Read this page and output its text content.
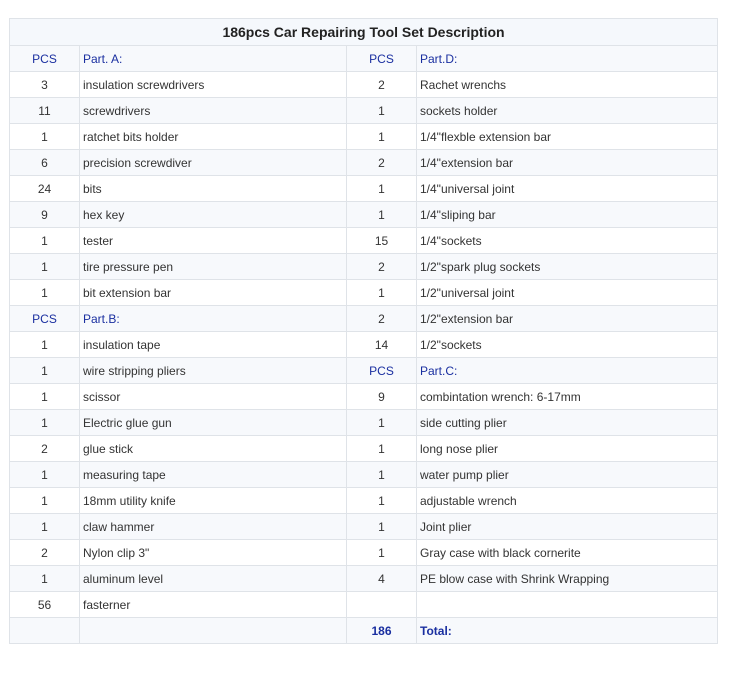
186pcs Car Repairing Tool Set Description			
PCS	Part. A:	PCS	Part.D:
3	insulation screwdrivers	2	Rachet wrenchs
11	screwdrivers	1	sockets holder
1	ratchet bits holder	1	1/4"flexble extension bar
6	precision screwdiver	2	1/4"extension bar
24	bits	1	1/4"universal joint
9	hex key	1	1/4"sliping bar
1	tester	15	1/4"sockets
1	tire pressure pen	2	1/2"spark plug sockets
1	bit extension bar	1	1/2"universal joint
PCS	Part.B:	2	1/2"extension bar
1	insulation tape	14	1/2"sockets
1	wire stripping pliers	PCS	Part.C:
1	scissor	9	combintation wrench: 6-17mm
1	Electric glue gun	1	side cutting plier
2	glue stick	1	long nose plier
1	measuring tape	1	water pump plier
1	18mm utility knife	1	adjustable wrench
1	claw hammer	1	Joint plier
2	Nylon clip 3"	1	Gray case with black cornerite
1	aluminum level	4	PE blow case with Shrink Wrapping
56	fasterner		
		186	Total:
